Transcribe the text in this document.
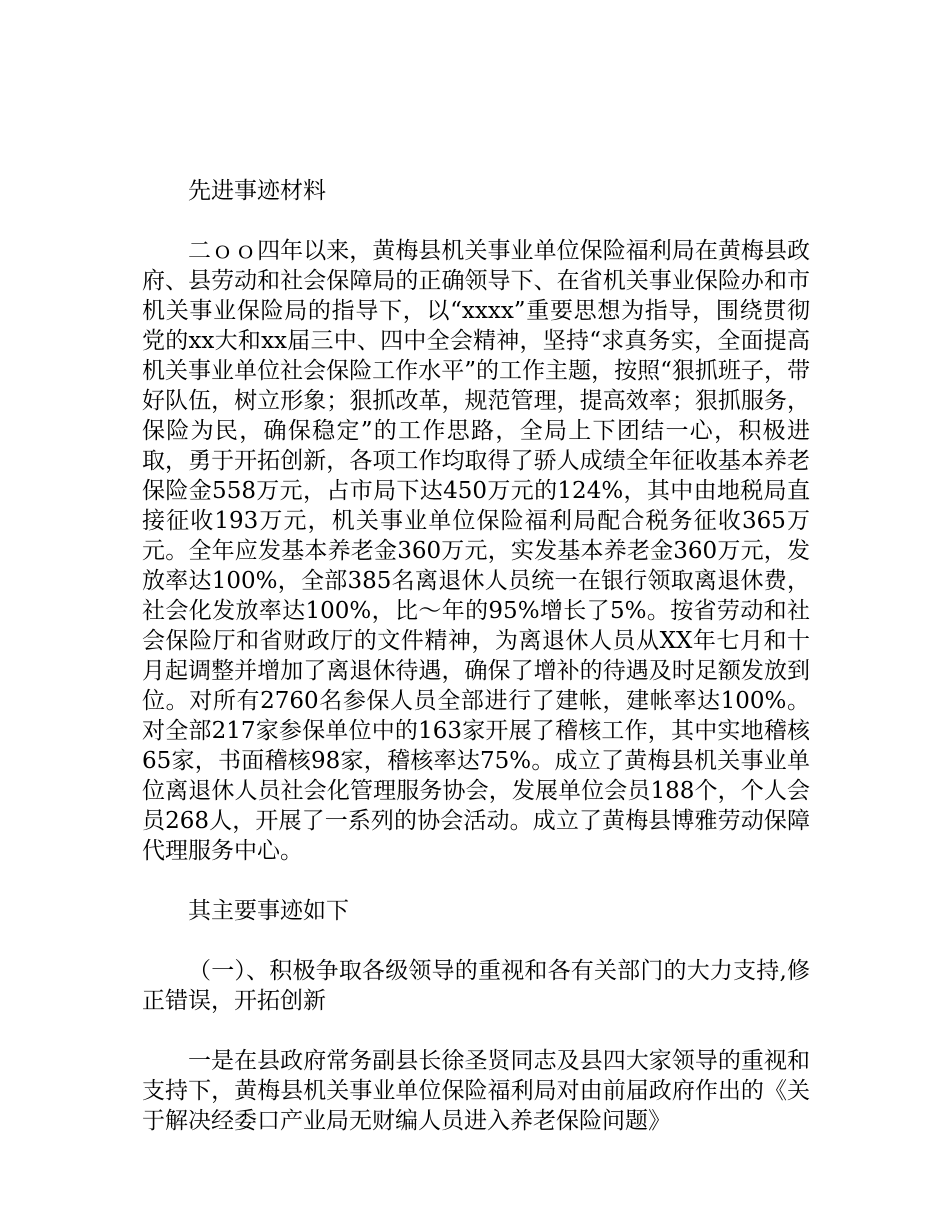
先进事迹材料

二ｏｏ四年以来，黄梅县机关事业单位保险福利局在黄梅县政府、县劳动和社会保障局的正确领导下、在省机关事业保险办和市机关事业保险局的指导下，以“xxxx”重要思想为指导，围绕贯彻党的xx大和xx届三中、四中全会精神，坚持“求真务实，全面提高机关事业单位社会保险工作水平”的工作主题，按照“狠抓班子，带好队伍，树立形象；狠抓改革，规范管理，提高效率；狠抓服务，保险为民，确保稳定”的工作思路，全局上下团结一心，积极进取，勇于开拓创新，各项工作均取得了骄人成绩全年征收基本养老保险金558万元，占市局下达450万元的124%，其中由地税局直接征收193万元，机关事业单位保险福利局配合税务征收365万元。全年应发基本养老金360万元，实发基本养老金360万元，发放率达100%，全部385名离退休人员统一在银行领取离退休费，社会化发放率达100%，比～年的95%增长了5%。按省劳动和社会保险厅和省财政厅的文件精神，为离退休人员从XX年七月和十月起调整并增加了离退休待遇，确保了增补的待遇及时足额发放到位。对所有2760名参保人员全部进行了建帐，建帐率达100%。对全部217家参保单位中的163家开展了稽核工作，其中实地稽核65家，书面稽核98家，稽核率达75%。成立了黄梅县机关事业单位离退休人员社会化管理服务协会，发展单位会员188个，个人会员268人，开展了一系列的协会活动。成立了黄梅县博雅劳动保障代理服务中心。

其主要事迹如下

（一）、积极争取各级领导的重视和各有关部门的大力支持,修正错误，开拓创新

一是在县政府常务副县长徐圣贤同志及县四大家领导的重视和支持下，黄梅县机关事业单位保险福利局对由前届政府作出的《关于解决经委口产业局无财编人员进入养老保险问题》
